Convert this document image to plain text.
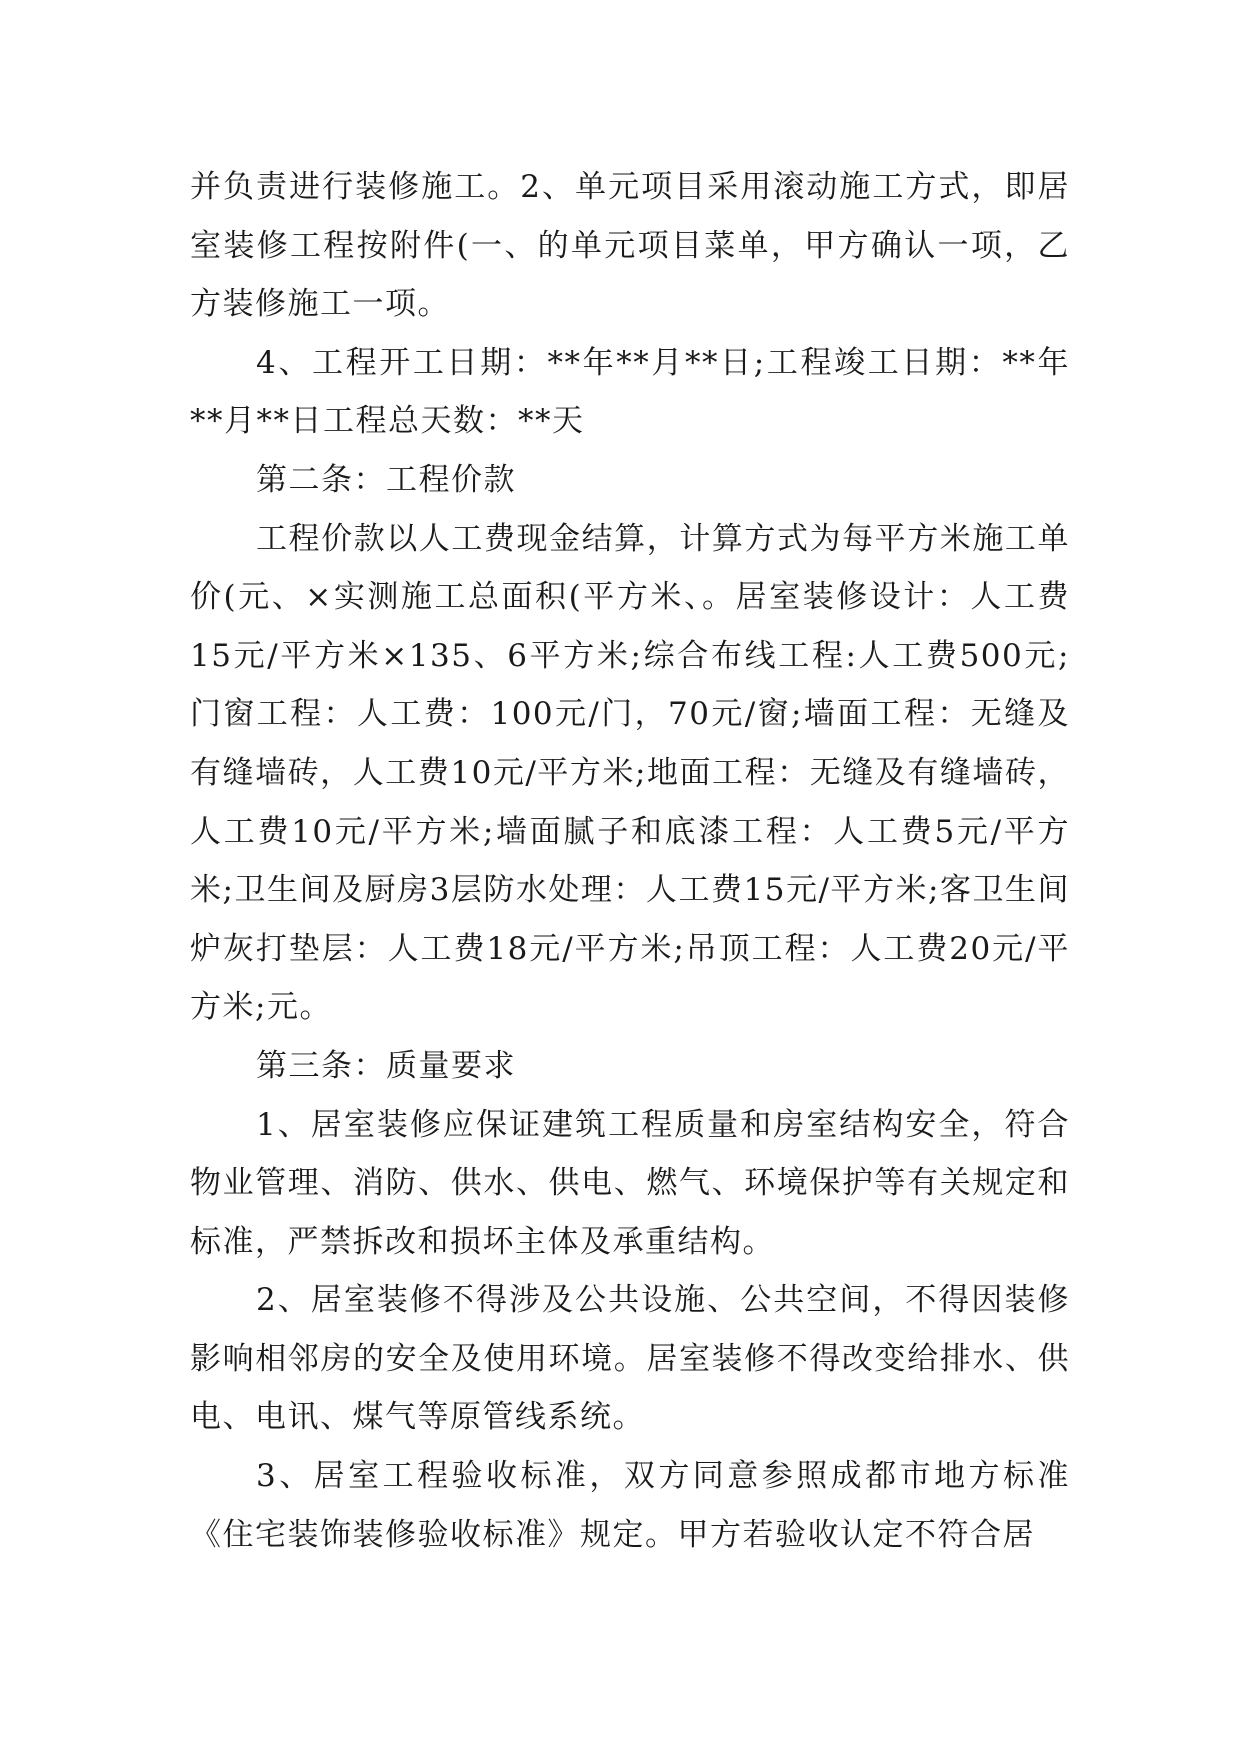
并负责进行装修施工。2、单元项目采用滚动施工方式，即居室装修工程按附件(一、的单元项目菜单，甲方确认一项，乙方装修施工一项。

4、工程开工日期：**年**月**日;工程竣工日期：**年**月**日工程总天数：**天

第二条：工程价款

工程价款以人工费现金结算，计算方式为每平方米施工单价(元、×实测施工总面积(平方米、。居室装修设计：人工费15元/平方米×135、6平方米;综合布线工程:人工费500元;门窗工程：人工费：100元/门，70元/窗;墙面工程：无缝及有缝墙砖，人工费10元/平方米;地面工程：无缝及有缝墙砖，人工费10元/平方米;墙面腻子和底漆工程：人工费5元/平方米;卫生间及厨房3层防水处理：人工费15元/平方米;客卫生间炉灰打垫层：人工费18元/平方米;吊顶工程：人工费20元/平方米;元。

第三条：质量要求

1、居室装修应保证建筑工程质量和房室结构安全，符合物业管理、消防、供水、供电、燃气、环境保护等有关规定和标准，严禁拆改和损坏主体及承重结构。

2、居室装修不得涉及公共设施、公共空间，不得因装修影响相邻房的安全及使用环境。居室装修不得改变给排水、供电、电讯、煤气等原管线系统。

3、居室工程验收标准，双方同意参照成都市地方标准《住宅装饰装修验收标准》规定。甲方若验收认定不符合居
